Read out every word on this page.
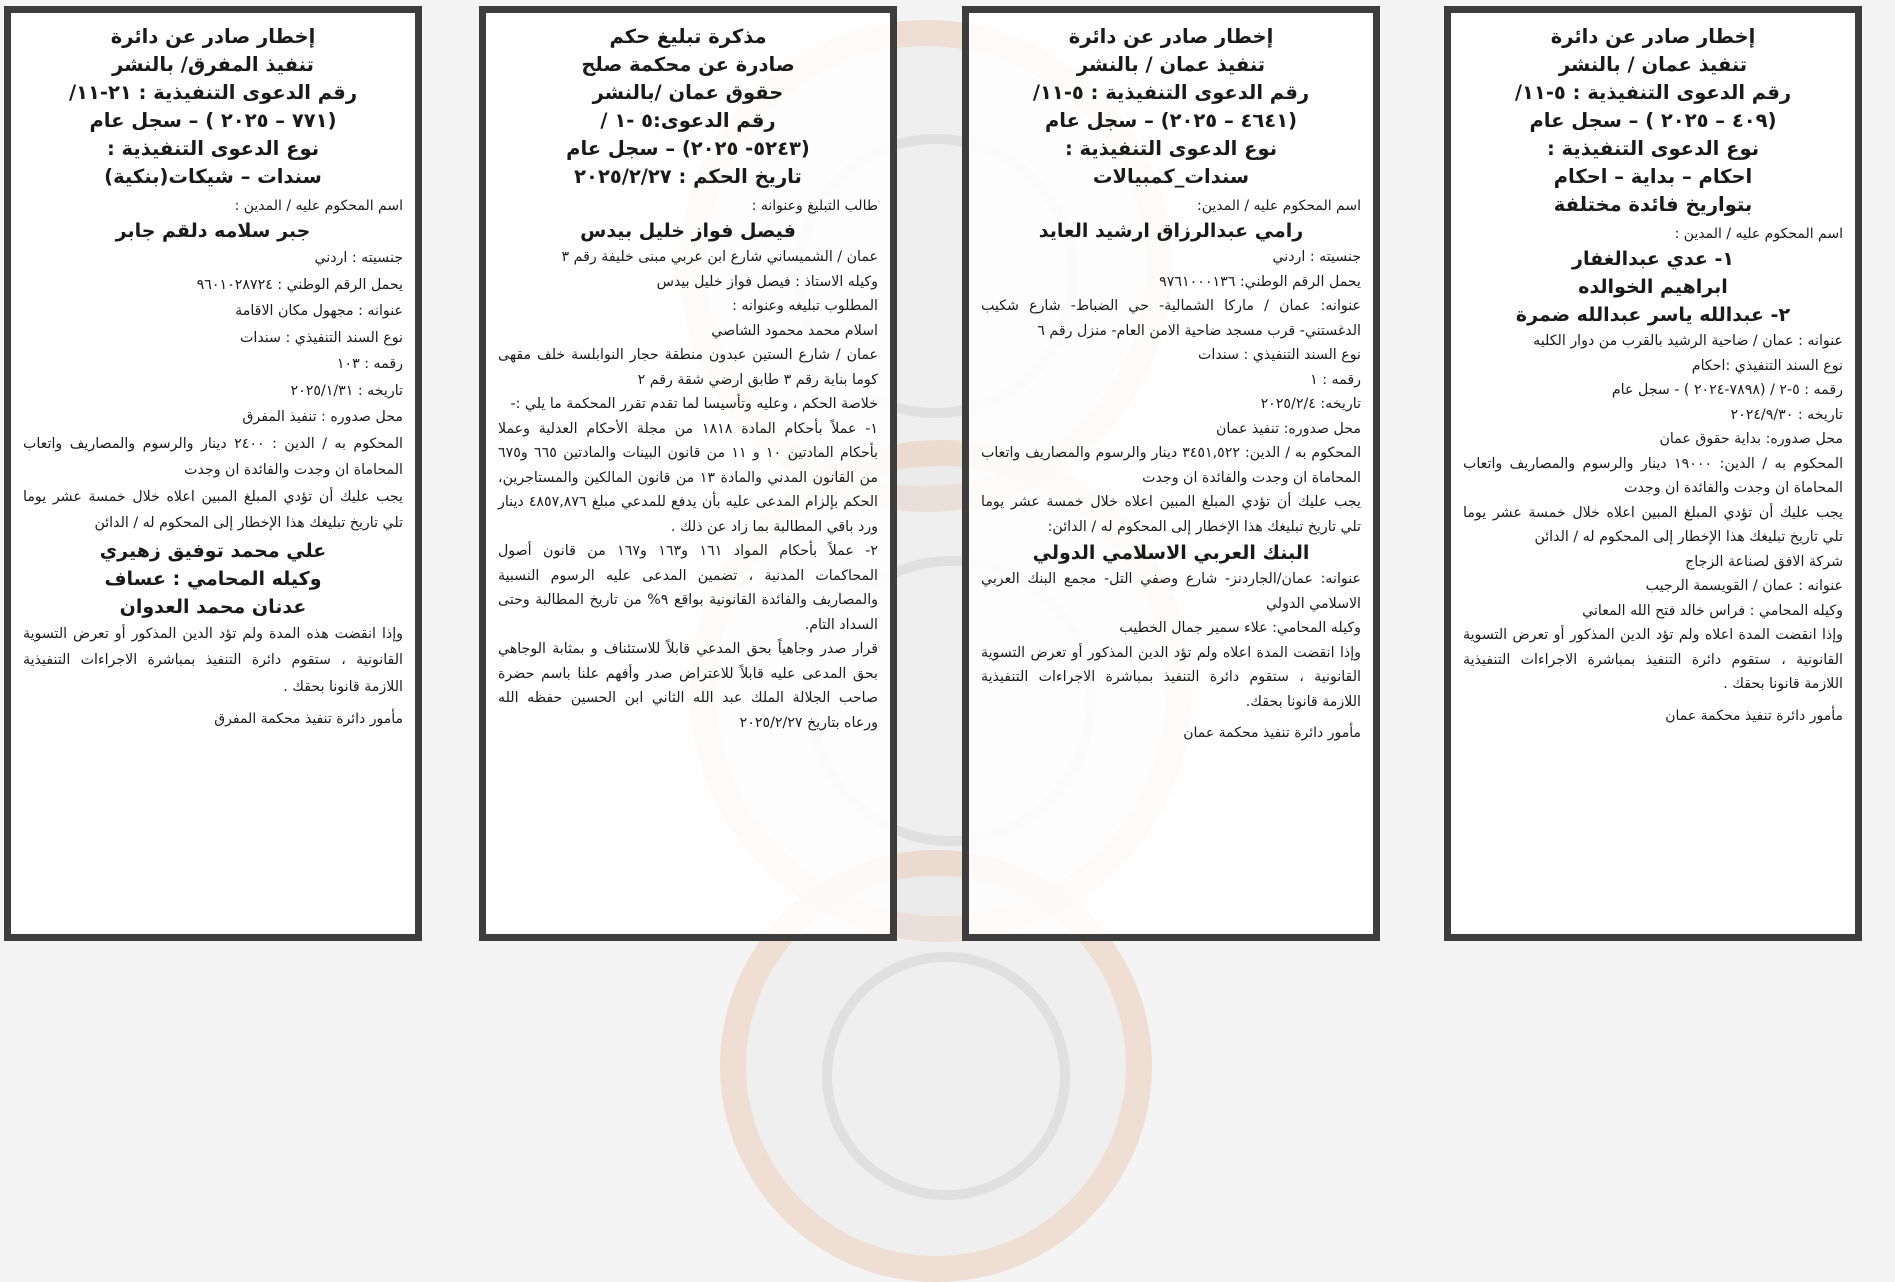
إخطار صادر عن دائرة
تنفيذ المفرق/ بالنشر
رقم الدعوى التنفيذية : ٢١-١١/
(٧٧١ – ٢٠٢٥ ) – سجل عام
نوع الدعوى التنفيذية :
سندات – شيكات(بنكية)
اسم المحكوم عليه / المدين :
جبر سلامه دلقم جابر
جنسيته : اردني
يحمل الرقم الوطني : ٩٦٠١٠٢٨٧٢٤
عنوانه : مجهول مكان الاقامة
نوع السند التنفيذي : سندات
رقمه : ١٠٣
تاريخه : ٢٠٢٥/١/٣١
محل صدوره : تنفيذ المفرق
المحكوم به / الدين : ٢٤٠٠ دينار والرسوم والمصاريف واتعاب المحاماة ان وجدت والفائدة ان وجدت
يجب عليك أن تؤدي المبلغ المبين اعلاه خلال خمسة عشر يوما تلي تاريخ تبليغك هذا الإخطار إلى المحكوم له / الدائن
علي محمد توفيق زهيري
وكيله المحامي : عساف
عدنان محمد العدوان
وإذا انقضت هذه المدة ولم تؤد الدين المذكور أو تعرض التسوية القانونية ، ستقوم دائرة التنفيذ بمباشرة الاجراءات التنفيذية اللازمة قانونا بحقك .
مأمور دائرة تنفيذ محكمة المفرق
مذكرة تبليغ حكم
صادرة عن محكمة صلح
حقوق عمان /بالنشر
رقم الدعوى:٥ -١ /
(٥٢٤٣- ٢٠٢٥) – سجل عام
تاريخ الحكم : ٢٠٢٥/٢/٢٧
طالب التبليغ وعنوانه :
فيصل فواز خليل بيدس
عمان / الشميساني شارع ابن عربي مبنى خليفة رقم ٣
وكيله الاستاذ : فيصل فواز خليل بيدس
المطلوب تبليغه وعنوانه :
اسلام محمد محمود الشاصي
عمان / شارع الستين عبدون منطقة حجار النوابلسة خلف مقهى كوما بناية رقم ٣ طابق ارضي شقة رقم ٢
خلاصة الحكم ، وعليه وتأسيسا لما تقدم تقرر المحكمة ما يلي :-
١- عملاً بأحكام المادة ١٨١٨ من مجلة الأحكام العدلية وعملا بأحكام المادتين ١٠ و ١١ من قانون البينات والمادتين ٦٦٥ و٦٧٥ من القانون المدني والمادة ١٣ من قانون المالكين والمستاجرين، الحكم بإلزام المدعى عليه بأن يدفع للمدعي مبلغ ٤٨٥٧,٨٧٦ دينار ورد باقي المطالبة بما زاد عن ذلك .
٢- عملاً بأحكام المواد ١٦١ و١٦٣ و١٦٧ من قانون أصول المحاكمات المدنية ، تضمين المدعى عليه الرسوم النسبية والمصاريف والفائدة القانونية بواقع ٩% من تاريخ المطالبة وحتى السداد التام.
قرار صدر وجاهياً بحق المدعي قابلاً للاستئناف و بمثابة الوجاهي بحق المدعى عليه قابلاً للاعتراض صدر وأفهم علنا باسم حضرة صاحب الجلالة الملك عبد الله الثاني ابن الحسين حفظه الله ورعاه بتاريخ ٢٠٢٥/٢/٢٧
إخطار صادر عن دائرة
تنفيذ عمان / بالنشر
رقم الدعوى التنفيذية : ٥-١١/
(٤٦٤١ – ٢٠٢٥) – سجل عام
نوع الدعوى التنفيذية :
سندات_كمبيالات
اسم المحكوم عليه / المدين:
رامي عبدالرزاق ارشيد العايد
جنسيته : اردني
يحمل الرقم الوطني: ٩٧٦١٠٠٠١٣٦
عنوانه: عمان / ماركا الشمالية- حي الضباط- شارع شكيب الدغستني- قرب مسجد ضاحية الامن العام- منزل رقم ٦
نوع السند التنفيذي : سندات
رقمه : ١
تاريخه: ٢٠٢٥/٢/٤
محل صدوره: تنفيذ عمان
المحكوم به / الدين: ٣٤٥١,٥٢٢ دينار والرسوم والمصاريف واتعاب المحاماة ان وجدت والفائدة ان وجدت
يجب عليك أن تؤدي المبلغ المبين اعلاه خلال خمسة عشر يوما تلي تاريخ تبليغك هذا الإخطار إلى المحكوم له / الدائن:
البنك العربي الاسلامي الدولي
عنوانه: عمان/الجاردنز- شارع وصفي التل- مجمع البنك العربي الاسلامي الدولي
وكيله المحامي: علاء سمير جمال الخطيب
وإذا انقضت المدة اعلاه ولم تؤد الدين المذكور أو تعرض التسوية القانونية ، ستقوم دائرة التنفيذ بمباشرة الاجراءات التنفيذية اللازمة قانونا بحقك.
مأمور دائرة تنفيذ محكمة عمان
إخطار صادر عن دائرة
تنفيذ عمان / بالنشر
رقم الدعوى التنفيذية : ٥-١١/
(٤٠٩ – ٢٠٢٥ ) – سجل عام
نوع الدعوى التنفيذية :
احكام – بداية – احكام
بتواريخ فائدة مختلفة
اسم المحكوم عليه / المدين :
١- عدي عبدالغفار
ابراهيم الخوالده
٢- عبدالله ياسر عبدالله ضمرة
عنوانه : عمان / ضاحية الرشيد بالقرب من دوار الكليه
نوع السند التنفيذي :احكام
رقمه : ٥-٢ / (٧٨٩٨-٢٠٢٤ ) - سجل عام
تاريخه : ٢٠٢٤/٩/٣٠
محل صدوره: بداية حقوق عمان
المحكوم به / الدين: ١٩٠٠٠ دينار والرسوم والمصاريف واتعاب المحاماة ان وجدت والفائدة ان وجدت
يجب عليك أن تؤدي المبلغ المبين اعلاه خلال خمسة عشر يوما تلي تاريخ تبليغك هذا الإخطار إلى المحكوم له / الدائن
شركة الافق لصناعة الزجاج
عنوانه : عمان / القويسمة الرجيب
وكيله المحامي : فراس خالد فتح الله المعاني
وإذا انقضت المدة اعلاه ولم تؤد الدين المذكور أو تعرض التسوية القانونية ، ستقوم دائرة التنفيذ بمباشرة الاجراءات التنفيذية اللازمة قانونا بحقك .
مأمور دائرة تنفيذ محكمة عمان
